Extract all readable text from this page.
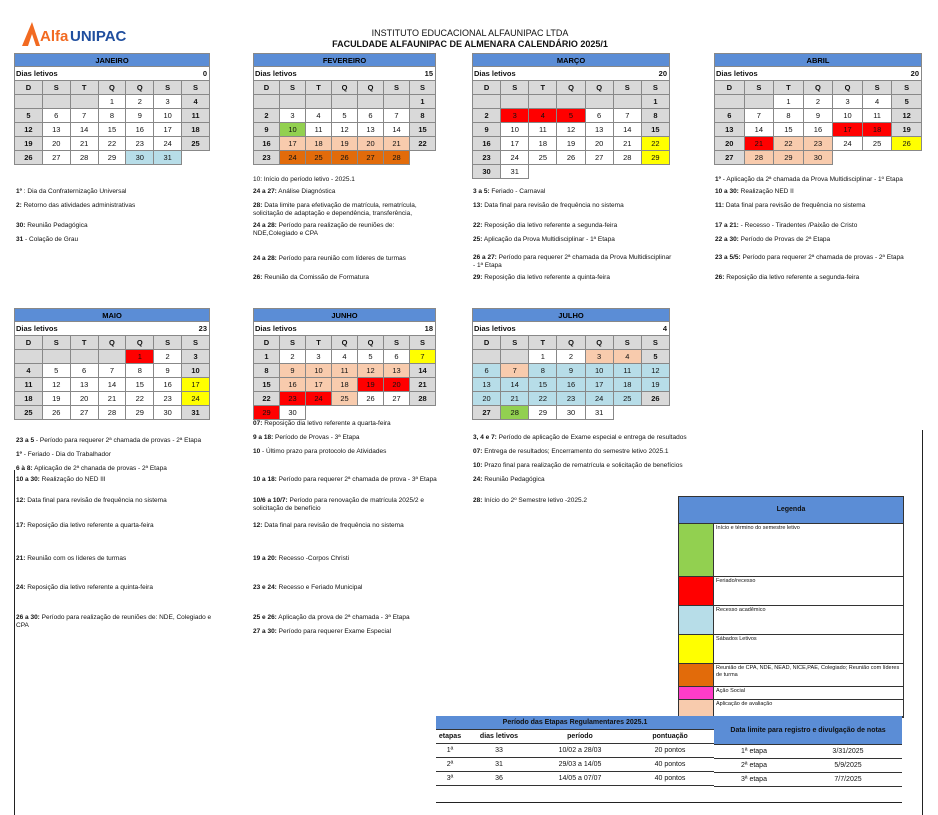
Alfa UNIPAC	INSTITUTO EDUCACIONAL ALFAUNIPAC LTDA
FACULDADE ALFAUNIPAC DE ALMENARA CALENDÁRIO 2025/1
JANEIRO						
Dias letivos						0
D	S	T	Q	Q	S	S
			1	2	3	4
5	6	7	8	9	10	11
12	13	14	15	16	17	18
19	20	21	22	23	24	25
26	27	28	29	30	31	
FEVEREIRO						
Dias letivos						15
D	S	T	Q	Q	S	S
						1
2	3	4	5	6	7	8
9	10	11	12	13	14	15
16	17	18	19	20	21	22
23	24	25	26	27	28	
MARÇO						
Dias letivos						20
D	S	T	Q	Q	S	S
						1
2	3	4	5	6	7	8
9	10	11	12	13	14	15
16	17	18	19	20	21	22
23	24	25	26	27	28	29
30	31					
ABRIL						
Dias letivos						20
D	S	T	Q	Q	S	S
		1	2	3	4	5
6	7	8	9	10	11	12
13	14	15	16	17	18	19
20	21	22	23	24	25	26
27	28	29	30			
MAIO						
Dias letivos						23
D	S	T	Q	Q	S	S
				1	2	3
4	5	6	7	8	9	10
11	12	13	14	15	16	17
18	19	20	21	22	23	24
25	26	27	28	29	30	31
JUNHO						
Dias letivos						18
D	S	T	Q	Q	S	S
1	2	3	4	5	6	7
8	9	10	11	12	13	14
15	16	17	18	19	20	21
22	23	24	25	26	27	28
29	30					
JULHO						
Dias letivos						4
D	S	T	Q	Q	S	S
		1	2	3	4	5
6	7	8	9	10	11	12
13	14	15	16	17	18	19
20	21	22	23	24	25	26
27	28	29	30	31		
1º : Dia da Confraternização Universal
2: Retorno das atividades administrativas
30: Reunião Pedagógica
31 - Colação de Grau
10: Início do período letivo - 2025.1
24 a 27: Análise Diagnóstica
28: Data limite para efetivação de matrícula, rematrícula, solicitação de adaptação e dependência, transferência,
24 a 28: Período para realização de reuniões de: NDE,Colegiado e CPA
24 a 28: Período para reunião com líderes de turmas
26: Reunião da Comissão de Formatura
3 a 5: Feriado - Carnaval
13: Data final para revisão de frequência no sistema
22: Reposição dia letivo referente a segunda-feira
25: Aplicação da Prova Multidisciplinar - 1ª Etapa
26 a 27: Período para requerer 2ª chamada da Prova Multidisciplinar - 1ª Etapa
29: Reposição dia letivo referente a quinta-feira
1º - Aplicação da 2ª chamada da Prova Multidisciplinar - 1º Etapa
10 a 30: Realização NED II
11: Data final para revisão de frequência no sistema
17 a 21: - Recesso - Tiradentes /Paixão de Cristo
22 a 30: Período de Provas de 2ª Etapa
23 a 5/5: Período para requerer 2ª chamada de provas - 2ª Etapa
26: Reposição dia letivo referente a segunda-feira
23 a 5 - Período para requerer 2ª chamada de provas - 2ª Etapa
1º - Feriado - Dia do Trabalhador
6 à 8: Aplicação de 2ª chanada de provas - 2ª Etapa
10 a 30: Realização do NED III
12: Data final para revisão de frequência no sistema
17: Reposição dia letivo referente a quarta-feira
21: Reunião com os líderes de turmas
24: Reposição dia letivo referente a quinta-feira
26 a 30: Período para realização de reuniões de: NDE, Colegiado e CPA
07: Reposição dia letivo referente a quarta-feira
9 a 18: Período de Provas - 3ª Etapa
10 - Último prazo para protocolo de Atividades
10 a 18: Período para requerer 2ª chamada de prova - 3ª Etapa
10/6 a 10/7: Período para renovação de matrícula 2025/2 e solicitação de benefício
12: Data final para revisão de frequência no sistema
19 a 20: Recesso -Corpos Christi
23 e 24: Recesso e Feriado Municipal
25 e 26: Aplicação da prova de 2ª chamada - 3ª Etapa
27 a 30: Período para requerer Exame Especial
3, 4 e 7: Período de aplicação de Exame especial e entrega de resultados
07: Entrega de resultados; Encerramento do semestre letivo 2025.1
10: Prazo final para realização de rematrícula e solicitação de benefícios
24: Reunião Pedagógica
28: Início do 2º Semestre letivo -2025.2
Legenda
Início e término do semestre letivo
Feriado/recesso
Recesso acadêmico
Sábados Letivos
Reunião de CPA, NDE, NEAD, NICE,PAE, Colegiado; Reunião com líderes de turma
Ação Social
Aplicação de avaliação
Período das Etapas Regulamentares 2025.1			
etapas	dias letivos	período	pontuação
1ª	33	10/02 a 28/03	20 pontos
2ª	31	29/03 a 14/05	40 pontos
3ª	36	14/05 a 07/07	40 pontos
Data limite para registro e divulgação de notas	
1ª etapa	3/31/2025
2ª etapa	5/9/2025
3ª etapa	7/7/2025
